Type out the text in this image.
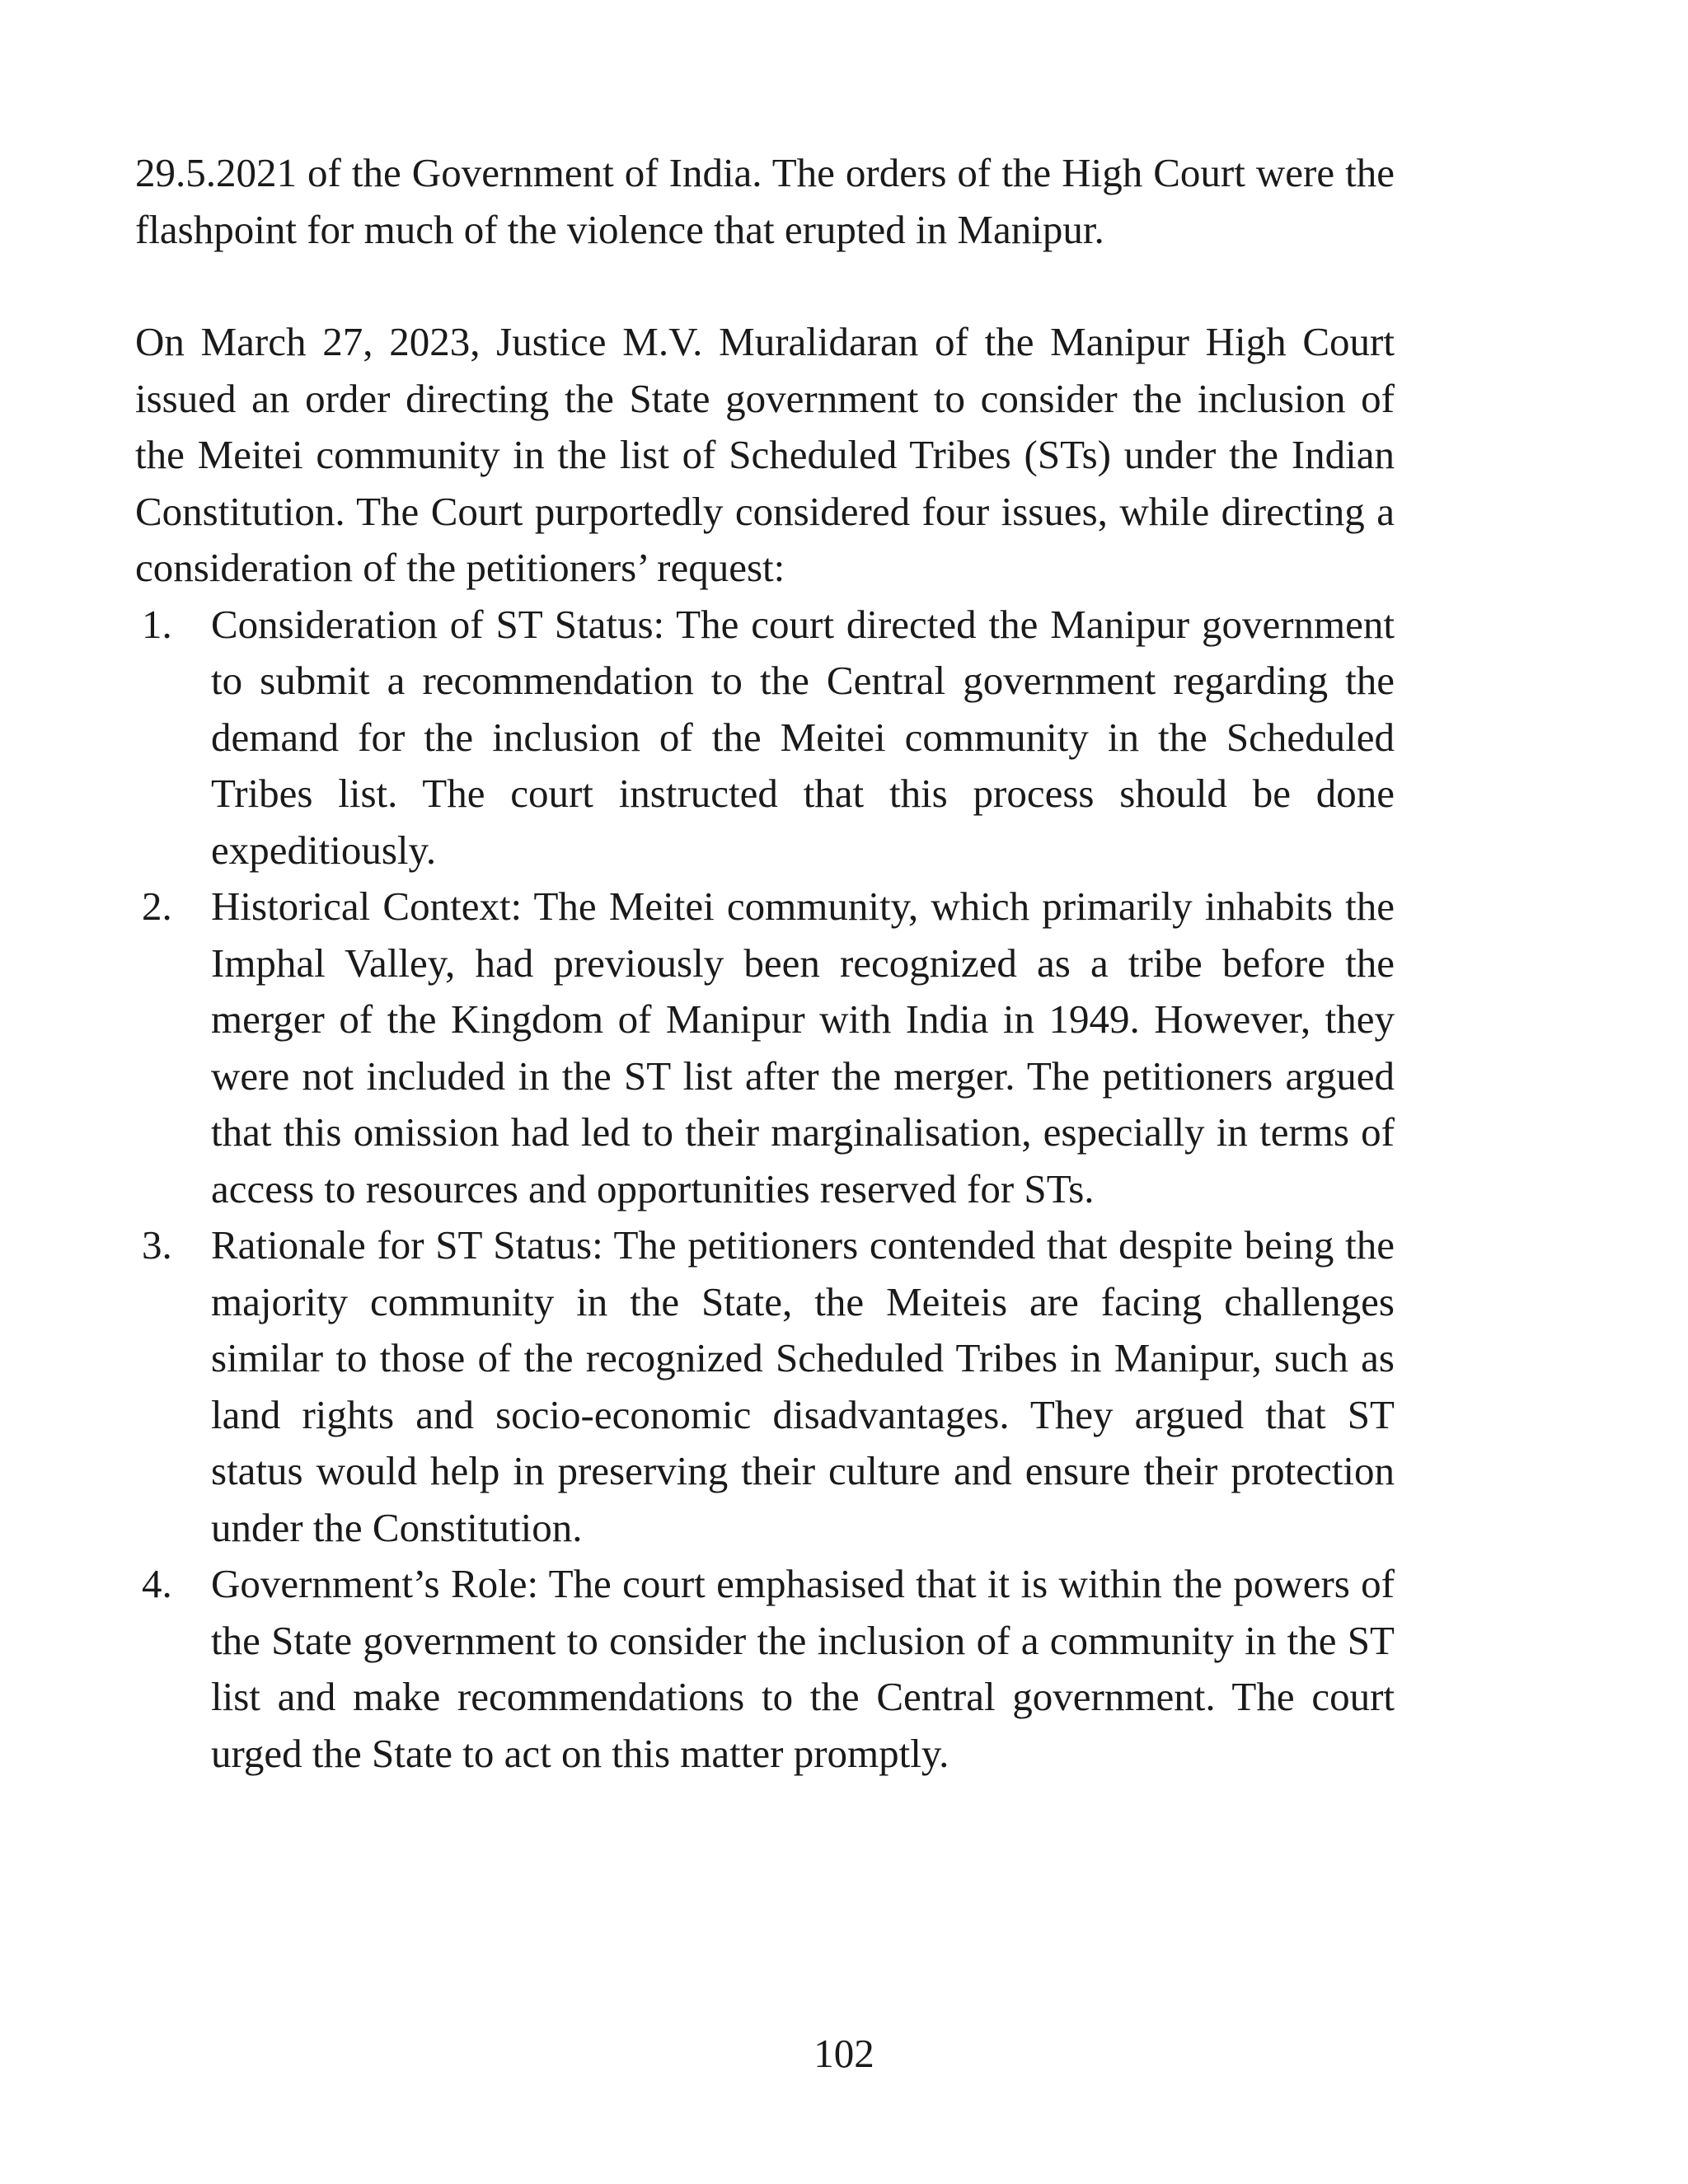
29.5.2021 of the Government of India. The orders of the High Court were the flashpoint for much of the violence that erupted in Manipur.

On March 27, 2023, Justice M.V. Muralidaran of the Manipur High Court issued an order directing the State government to consider the inclusion of the Meitei community in the list of Scheduled Tribes (STs) under the Indian Constitution. The Court purportedly considered four issues, while directing a consideration of the petitioners’ request:

1. Consideration of ST Status: The court directed the Manipur government to submit a recommendation to the Central government regarding the demand for the inclusion of the Meitei community in the Scheduled Tribes list. The court instructed that this process should be done expeditiously.
2. Historical Context: The Meitei community, which primarily inhabits the Imphal Valley, had previously been recognized as a tribe before the merger of the Kingdom of Manipur with India in 1949. However, they were not included in the ST list after the merger. The petitioners argued that this omission had led to their marginalisation, especially in terms of access to resources and opportunities reserved for STs.
3. Rationale for ST Status: The petitioners contended that despite being the majority community in the State, the Meiteis are facing challenges similar to those of the recognized Scheduled Tribes in Manipur, such as land rights and socio-economic disadvantages. They argued that ST status would help in preserving their culture and ensure their protection under the Constitution.
4. Government’s Role: The court emphasised that it is within the powers of the State government to consider the inclusion of a community in the ST list and make recommendations to the Central government. The court urged the State to act on this matter promptly.
102
